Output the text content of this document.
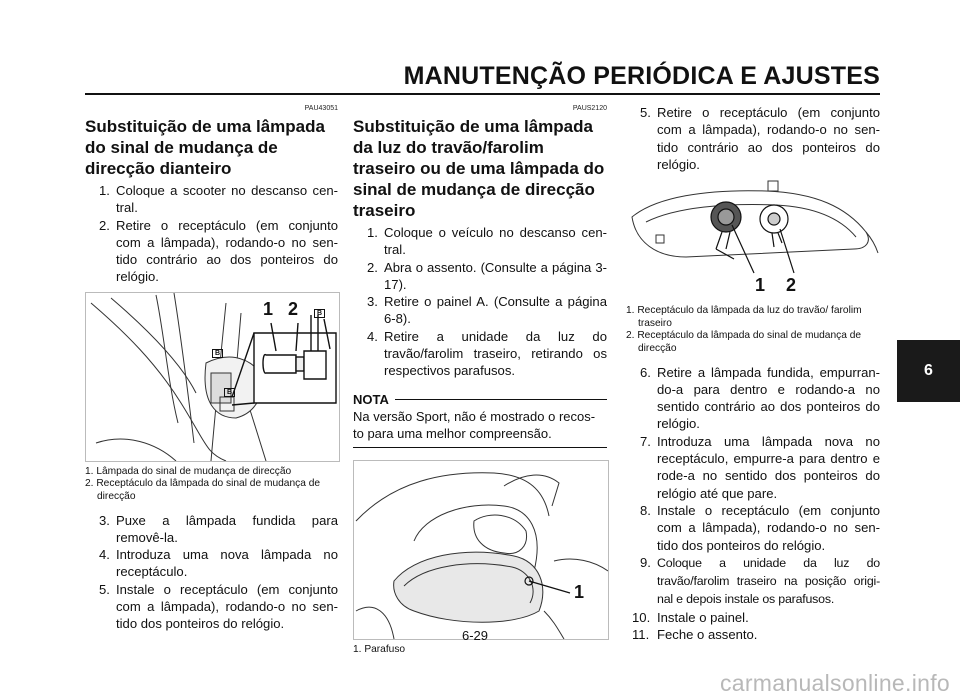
MANUTENÇÃO PERIÓDICA E AJUSTES
6
PAU43051
Substituição de uma lâmpada do sinal de mudança de direcção dianteiro
1. Coloque a scooter no descanso cen- tral.
2. Retire o receptáculo (em conjunto com a lâmpada), rodando-o no sen- tido contrário ao dos ponteiros do relógio.
1 2	B
B
B
1. Lâmpada do sinal de mudança de direcção
2. Receptáculo da lâmpada do sinal de mudança de direcção
3. Puxe a lâmpada fundida para removê-la.
4. Introduza uma nova lâmpada no receptáculo.
5. Instale o receptáculo (em conjunto com a lâmpada), rodando-o no sen- tido dos ponteiros do relógio.
PAUS2120
Substituição de uma lâmpada da luz do travão/farolim traseiro ou de uma lâmpada do sinal de mudança de direcção traseiro
1. Coloque o veículo no descanso cen- tral.
2. Abra o assento. (Consulte a página 3-17).
3. Retire o painel A. (Consulte a página 6-8).
4. Retire a unidade da luz do travão/farolim traseiro, retirando os respectivos parafusos.
NOTA
Na versão Sport, não é mostrado o recos- to para uma melhor compreensão.
1
1. Parafuso
5. Retire o receptáculo (em conjunto com a lâmpada), rodando-o no sen- tido contrário ao dos ponteiros do relógio.
1 2
1. Receptáculo da lâmpada da luz do travão/ farolim traseiro
2. Receptáculo da lâmpada do sinal de mudança de direcção
6. Retire a lâmpada fundida, empurran- do-a para dentro e rodando-a no sentido contrário ao dos ponteiros do relógio.
7. Introduza uma lâmpada nova no receptáculo, empurre-a para dentro e rode-a no sentido dos ponteiros do relógio até que pare.
8. Instale o receptáculo (em conjunto com a lâmpada), rodando-o no sen- tido dos ponteiros do relógio.
9. Coloque a unidade da luz do travão/farolim traseiro na posição origi- nal e depois instale os parafusos.
10. Instale o painel.
11. Feche o assento.
6-29
carmanualsonline.info
